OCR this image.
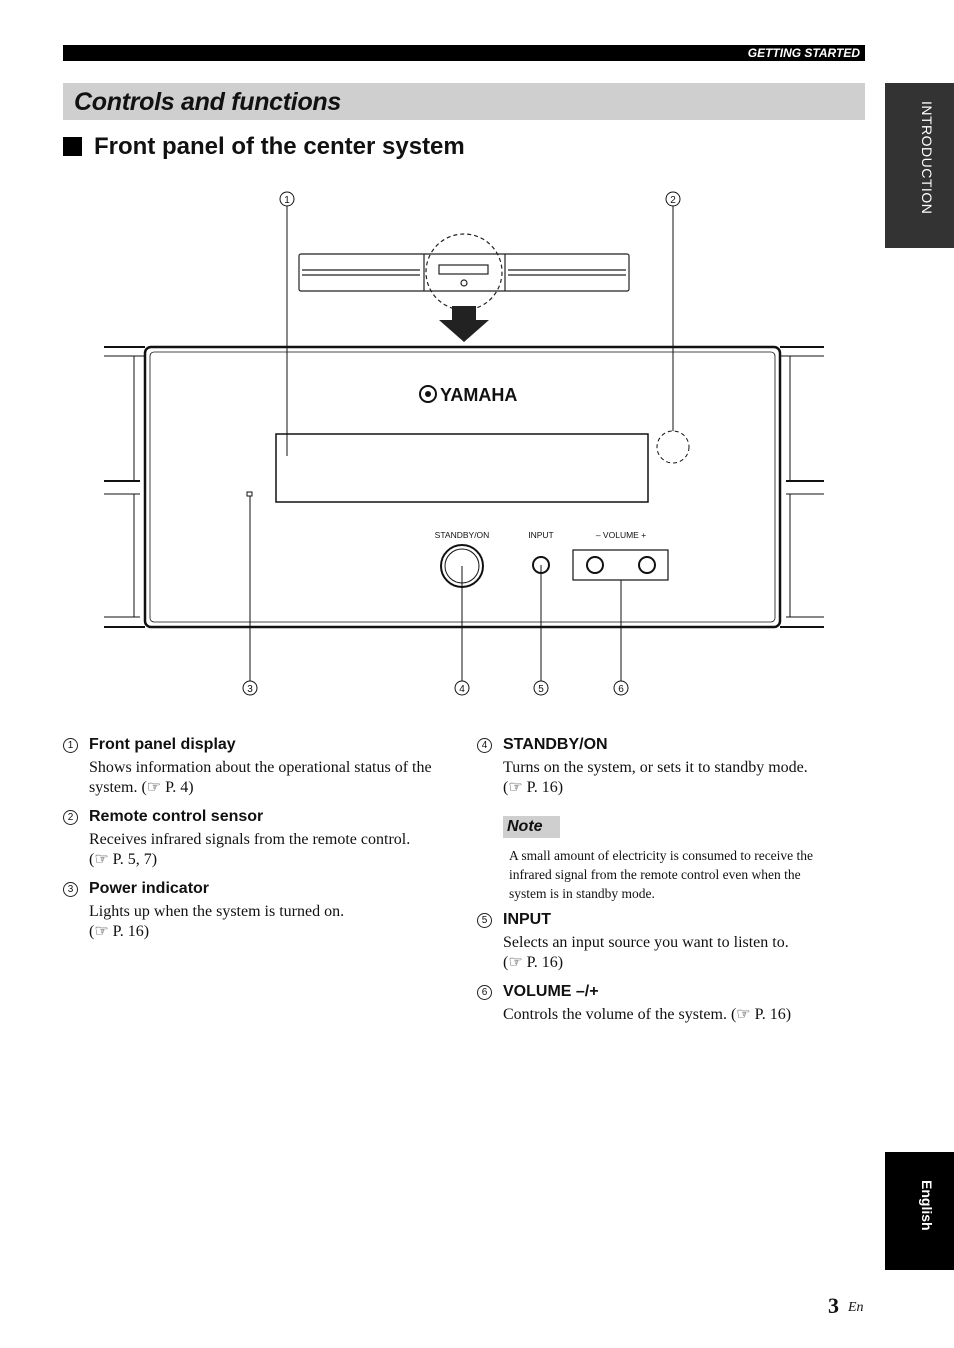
GETTING STARTED
Controls and functions
Front panel of the center system	INTRODUCTION
English
YAMAHA
STANDBY/ON	INPUT	– VOLUME +
1	2
3	4	5	6
1 Front panel display
Shows information about the operational status of the
system. (☞ P. 4)
2 Remote control sensor
Receives infrared signals from the remote control.
(☞ P. 5, 7)
3 Power indicator
Lights up when the system is turned on.
(☞ P. 16)
4 STANDBY/ON
Turns on the system, or sets it to standby mode.
(☞ P. 16)
Note
A small amount of electricity is consumed to receive the
infrared signal from the remote control even when the
system is in standby mode.
5 INPUT
Selects an input source you want to listen to.
(☞ P. 16)
6 VOLUME –/+
Controls the volume of the system. (☞ P. 16)
3 En
